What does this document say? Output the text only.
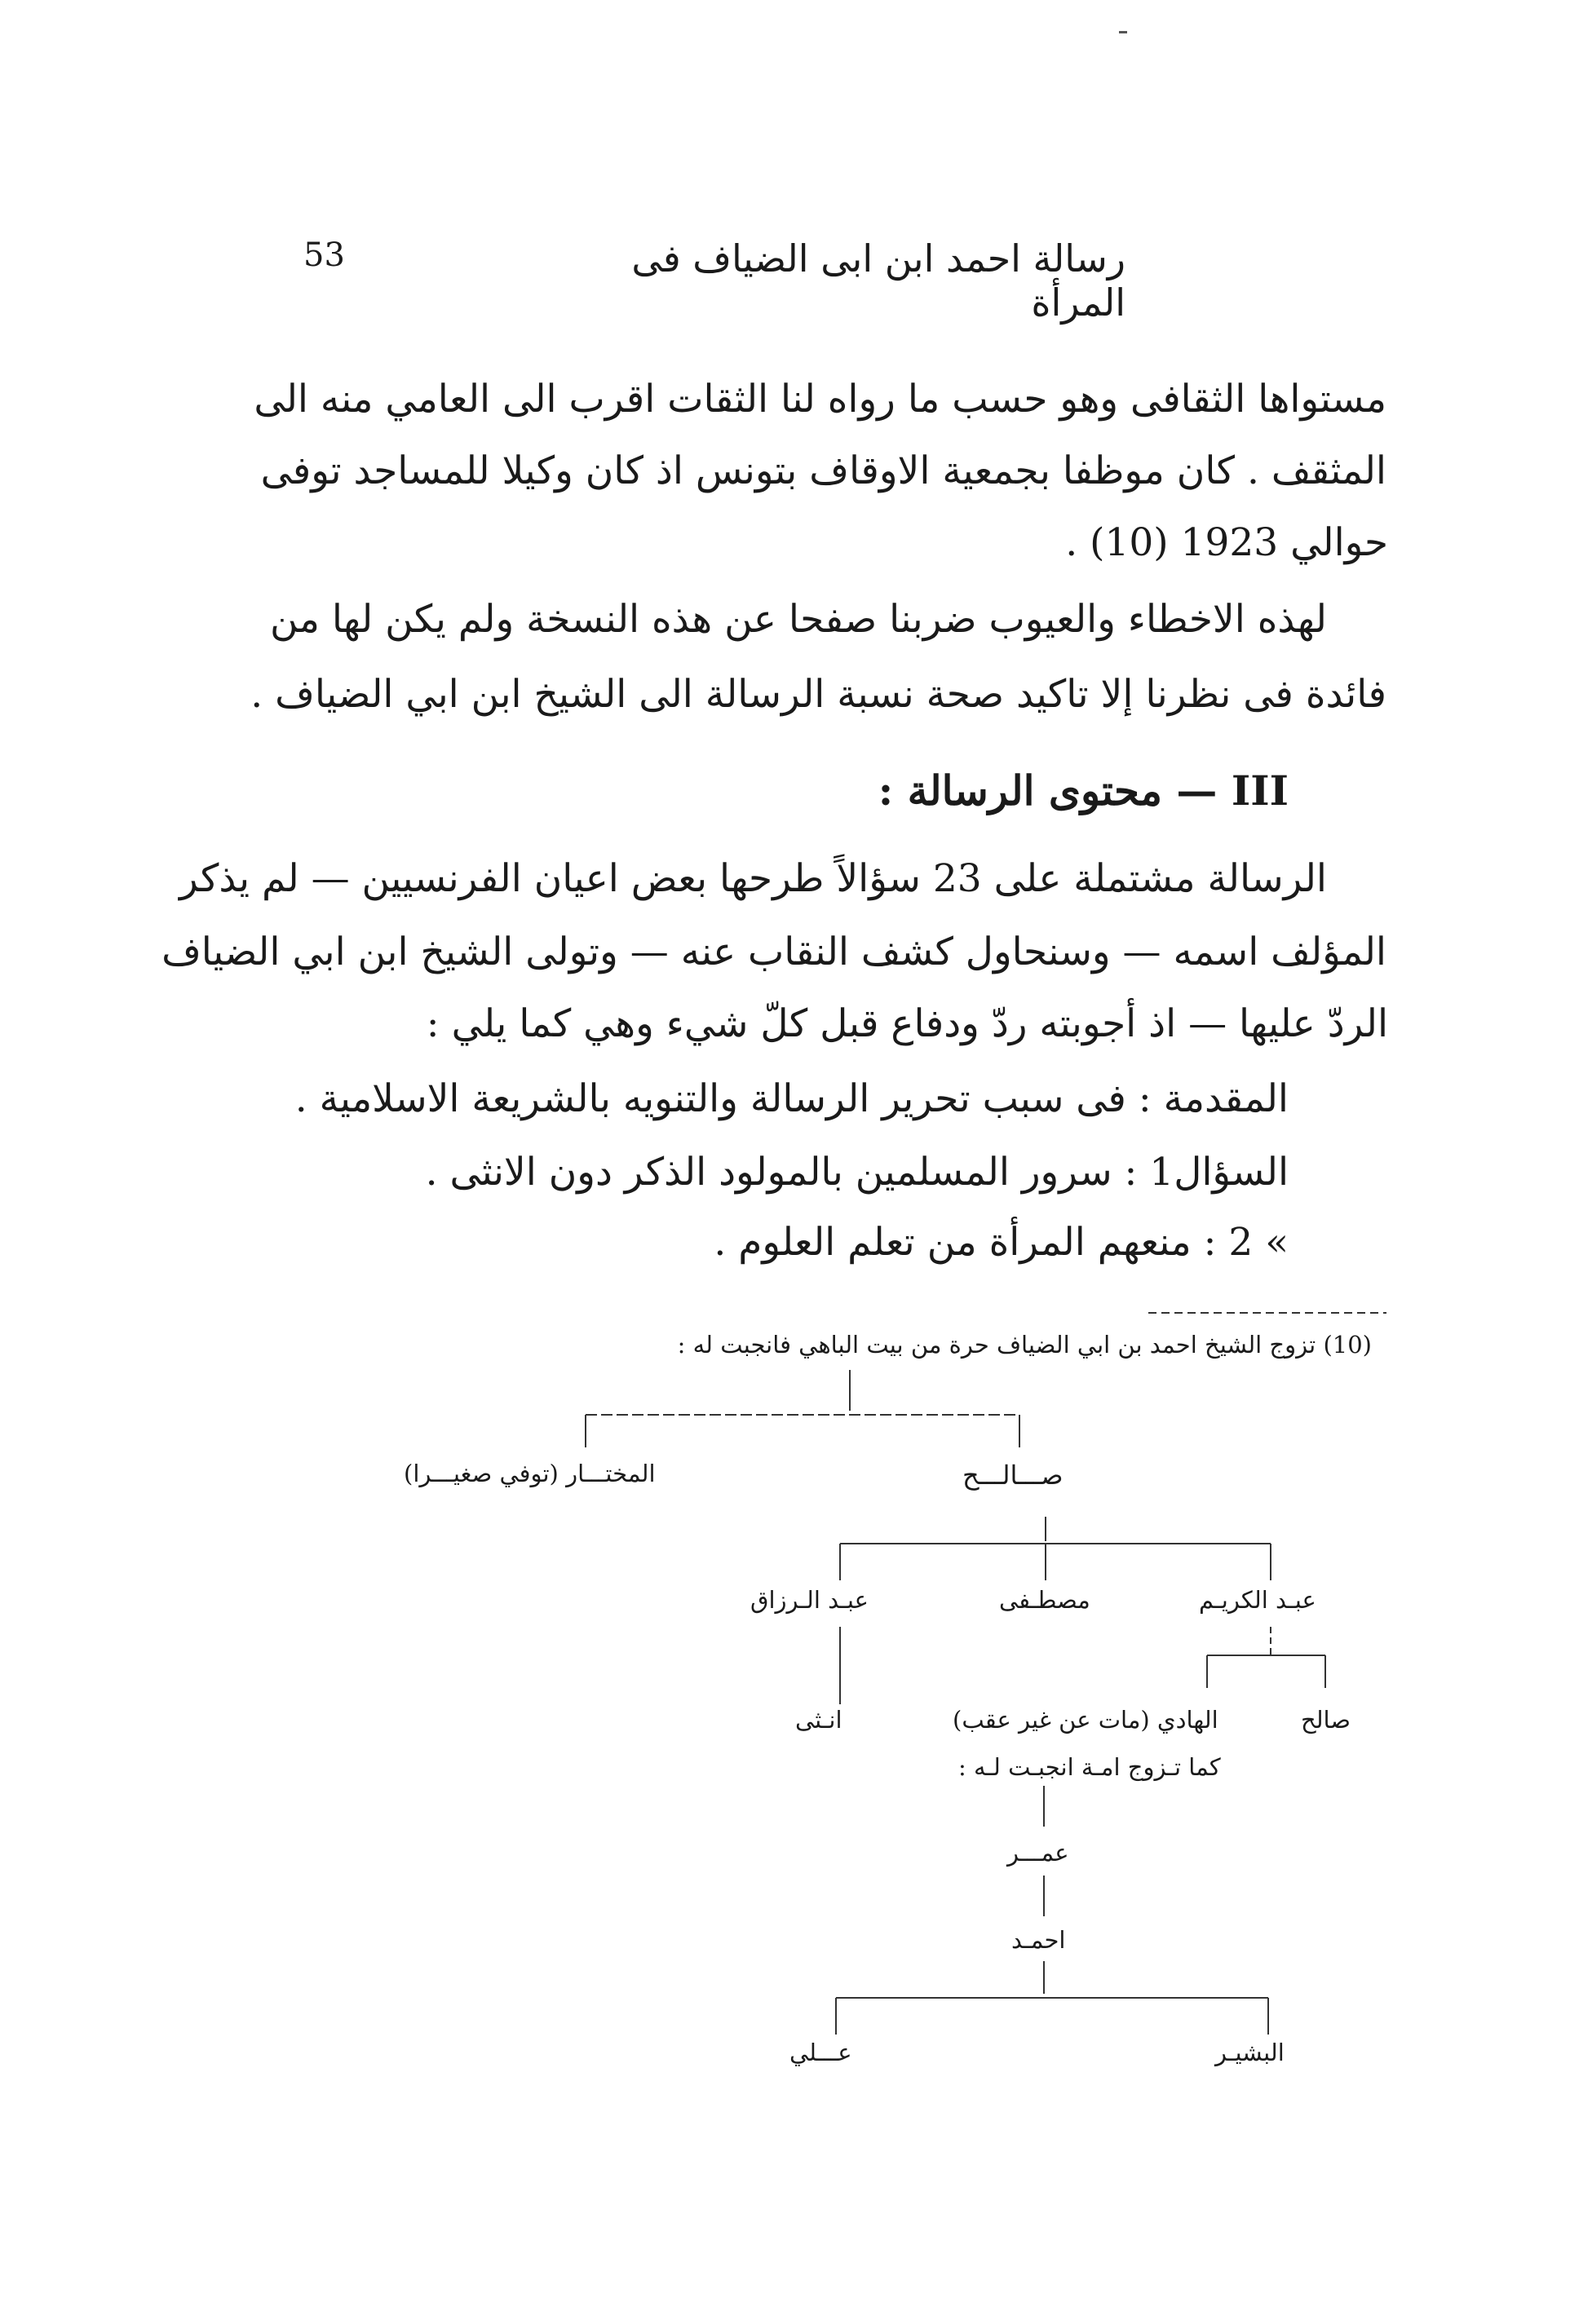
53	رسالة احمد ابن ابى الضياف فى المرأة
مستواها الثقافى وهو حسب ما رواه لنا الثقات اقرب الى العامي منه الى
المثقف . كان موظفا بجمعية الاوقاف بتونس اذ كان وكيلا للمساجد توفى
حوالي 1923 (10) .
لهذه الاخطاء والعيوب ضربنا صفحا عن هذه النسخة ولم يكن لها من
فائدة فى نظرنا إلا تاكيد صحة نسبة الرسالة الى الشيخ ابن ابي الضياف .
III — محتوى الرسالة :
الرسالة مشتملة على 23 سؤالاً طرحها بعض اعيان الفرنسيين — لم يذكر
المؤلف اسمه — وسنحاول كشف النقاب عنه — وتولى الشيخ ابن ابي الضياف
الردّ عليها — اذ أجوبته ردّ ودفاع قبل كلّ شيء وهي كما يلي :
المقدمة : فى سبب تحرير الرسالة والتنويه بالشريعة الاسلامية .
السؤال1 : سرور المسلمين بالمولود الذكر دون الانثى .
» 2 : منعهم المرأة من تعلم العلوم .
(10) تزوج الشيخ احمد بن ابي الضياف حرة من بيت الباهي فانجبت له :
صـــالـــح
المختـــار (توفي صغيـــرا)
عبـد الكريـم
مصطـفى
عبـد الـرزاق
انـثى	صالح
الهادي (مات عن غير عقب)
كما تـزوج امـة انجبـت لـه :
عمـــر
احمـد
البشيـر
عـــلي
